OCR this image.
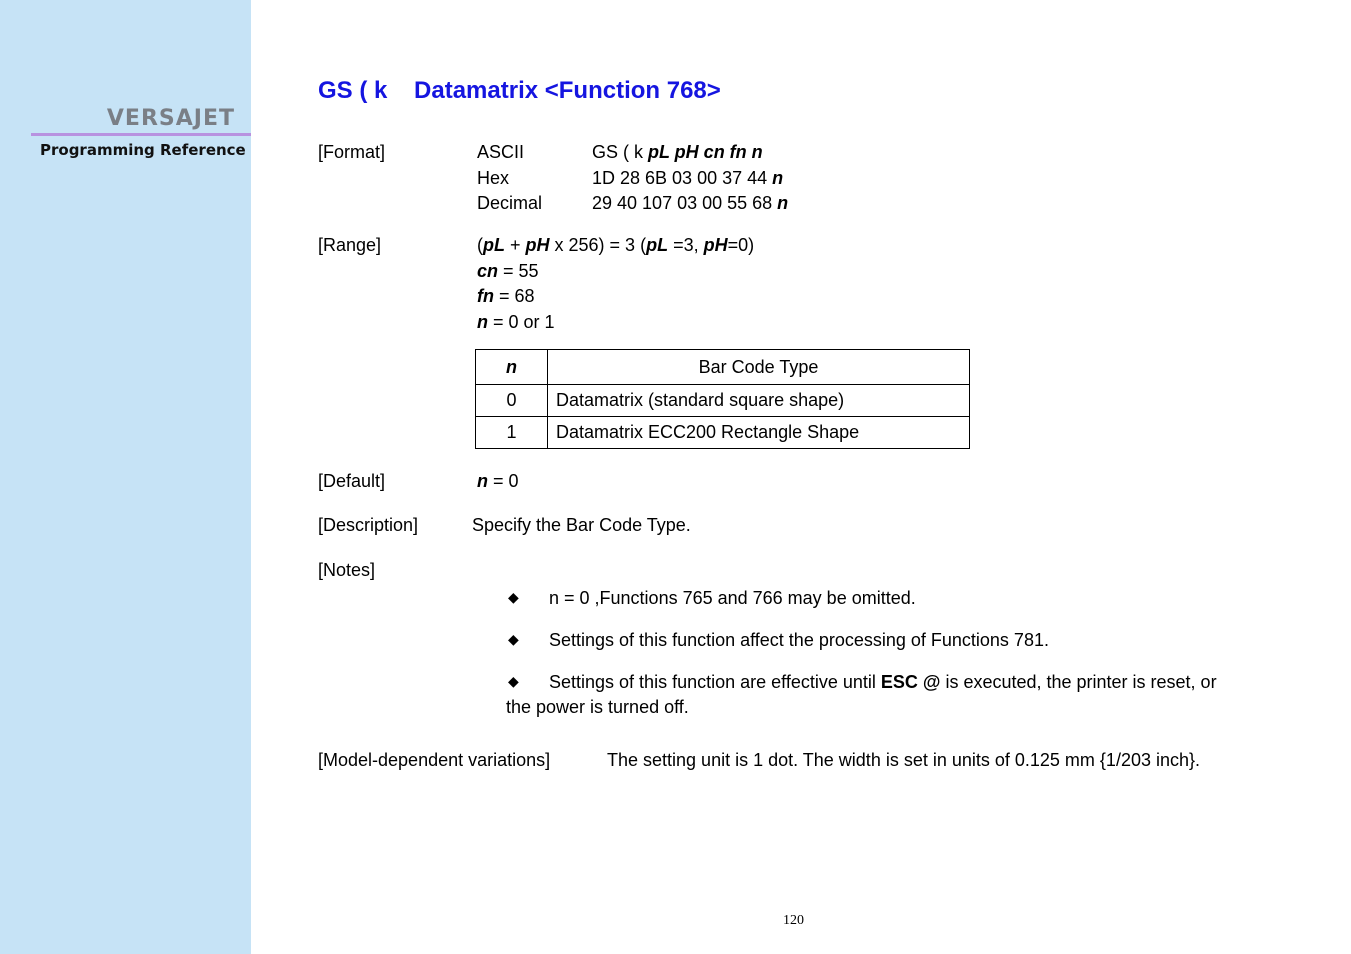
VERSAJET
Programming Reference
GS ( k    Datamatrix <Function 768>
[Format]	ASCII	GS ( k pL pH cn fn n
Hex	1D 28 6B 03 00 37 44 n
Decimal	29 40 107 03 00 55 68 n
[Range]	(pL + pH x 256) = 3 (pL =3, pH=0)
cn = 55
fn = 68
n = 0 or 1
n	Bar Code Type
0	Datamatrix (standard square shape)
1	Datamatrix ECC200 Rectangle Shape
[Default]	n = 0
[Description]	Specify the Bar Code Type.
[Notes]
◆ n = 0 ,Functions 765 and 766 may be omitted.
◆ Settings of this function affect the processing of Functions 781.
◆ Settings of this function are effective until ESC @ is executed, the printer is reset, or
the power is turned off.
[Model-dependent variations]	The setting unit is 1 dot. The width is set in units of 0.125 mm {1/203 inch}.
120
